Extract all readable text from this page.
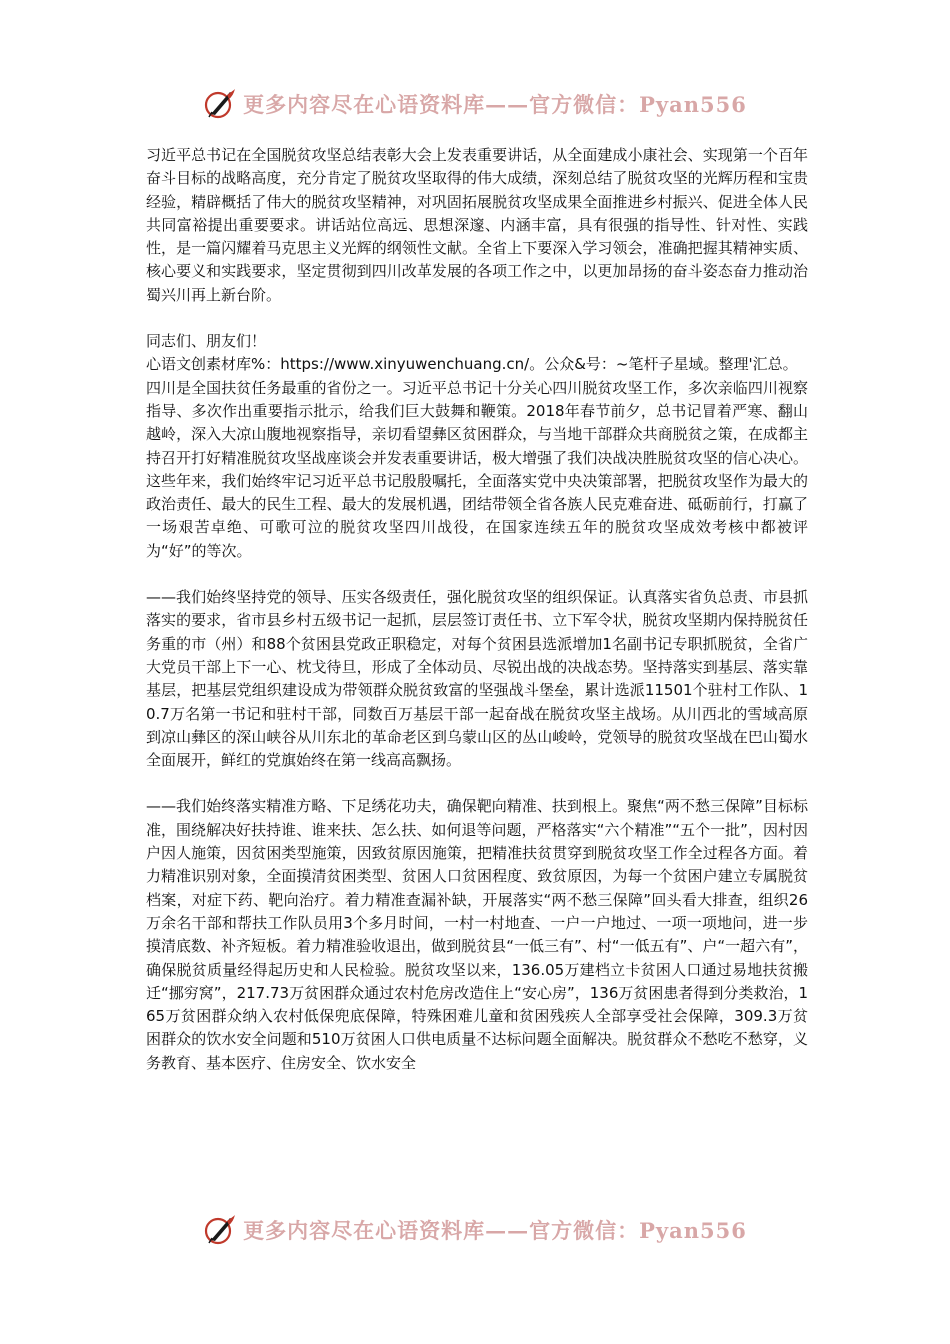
更多内容尽在心语资料库——官方微信：Pyan556

习近平总书记在全国脱贫攻坚总结表彰大会上发表重要讲话，从全面建成小康社会、实现第一个百年奋斗目标的战略高度，充分肯定了脱贫攻坚取得的伟大成绩，深刻总结了脱贫攻坚的光辉历程和宝贵经验，精辟概括了伟大的脱贫攻坚精神，对巩固拓展脱贫攻坚成果全面推进乡村振兴、促进全体人民共同富裕提出重要要求。讲话站位高远、思想深邃、内涵丰富，具有很强的指导性、针对性、实践性，是一篇闪耀着马克思主义光辉的纲领性文献。全省上下要深入学习领会，准确把握其精神实质、核心要义和实践要求，坚定贯彻到四川改革发展的各项工作之中，以更加昂扬的奋斗姿态奋力推动治蜀兴川再上新台阶。

同志们、朋友们！

心语文创素材库%：https://www.xinyuwenchuang.cn/。公众&号：~笔杆子星域。整理'汇总。

四川是全国扶贫任务最重的省份之一。习近平总书记十分关心四川脱贫攻坚工作，多次亲临四川视察指导、多次作出重要指示批示，给我们巨大鼓舞和鞭策。2018年春节前夕，总书记冒着严寒、翻山越岭，深入大凉山腹地视察指导，亲切看望彝区贫困群众，与当地干部群众共商脱贫之策，在成都主持召开打好精准脱贫攻坚战座谈会并发表重要讲话，极大增强了我们决战决胜脱贫攻坚的信心决心。这些年来，我们始终牢记习近平总书记殷殷嘱托，全面落实党中央决策部署，把脱贫攻坚作为最大的政治责任、最大的民生工程、最大的发展机遇，团结带领全省各族人民克难奋进、砥砺前行，打赢了一场艰苦卓绝、可歌可泣的脱贫攻坚四川战役，在国家连续五年的脱贫攻坚成效考核中都被评为“好”的等次。

——我们始终坚持党的领导、压实各级责任，强化脱贫攻坚的组织保证。认真落实省负总责、市县抓落实的要求，省市县乡村五级书记一起抓，层层签订责任书、立下军令状，脱贫攻坚期内保持脱贫任务重的市（州）和88个贫困县党政正职稳定，对每个贫困县选派增加1名副书记专职抓脱贫，全省广大党员干部上下一心、枕戈待旦，形成了全体动员、尽锐出战的决战态势。坚持落实到基层、落实靠基层，把基层党组织建设成为带领群众脱贫致富的坚强战斗堡垒，累计选派11501个驻村工作队、10.7万名第一书记和驻村干部，同数百万基层干部一起奋战在脱贫攻坚主战场。从川西北的雪域高原到凉山彝区的深山峡谷从川东北的革命老区到乌蒙山区的丛山峻岭，党领导的脱贫攻坚战在巴山蜀水全面展开，鲜红的党旗始终在第一线高高飘扬。

——我们始终落实精准方略、下足绣花功夫，确保靶向精准、扶到根上。聚焦“两不愁三保障”目标标准，围绕解决好扶持谁、谁来扶、怎么扶、如何退等问题，严格落实“六个精准”“五个一批”，因村因户因人施策，因贫困类型施策，因致贫原因施策，把精准扶贫贯穿到脱贫攻坚工作全过程各方面。着力精准识别对象，全面摸清贫困类型、贫困人口贫困程度、致贫原因，为每一个贫困户建立专属脱贫档案，对症下药、靶向治疗。着力精准查漏补缺，开展落实“两不愁三保障”回头看大排查，组织26万余名干部和帮扶工作队员用3个多月时间，一村一村地查、一户一户地过、一项一项地问，进一步摸清底数、补齐短板。着力精准验收退出，做到脱贫县“一低三有”、村“一低五有”、户“一超六有”，确保脱贫质量经得起历史和人民检验。脱贫攻坚以来，136.05万建档立卡贫困人口通过易地扶贫搬迁“挪穷窝”，217.73万贫困群众通过农村危房改造住上“安心房”，136万贫困患者得到分类救治，165万贫困群众纳入农村低保兜底保障，特殊困难儿童和贫困残疾人全部享受社会保障，309.3万贫困群众的饮水安全问题和510万贫困人口供电质量不达标问题全面解决。脱贫群众不愁吃不愁穿，义务教育、基本医疗、住房安全、饮水安全

更多内容尽在心语资料库——官方微信：Pyan556
